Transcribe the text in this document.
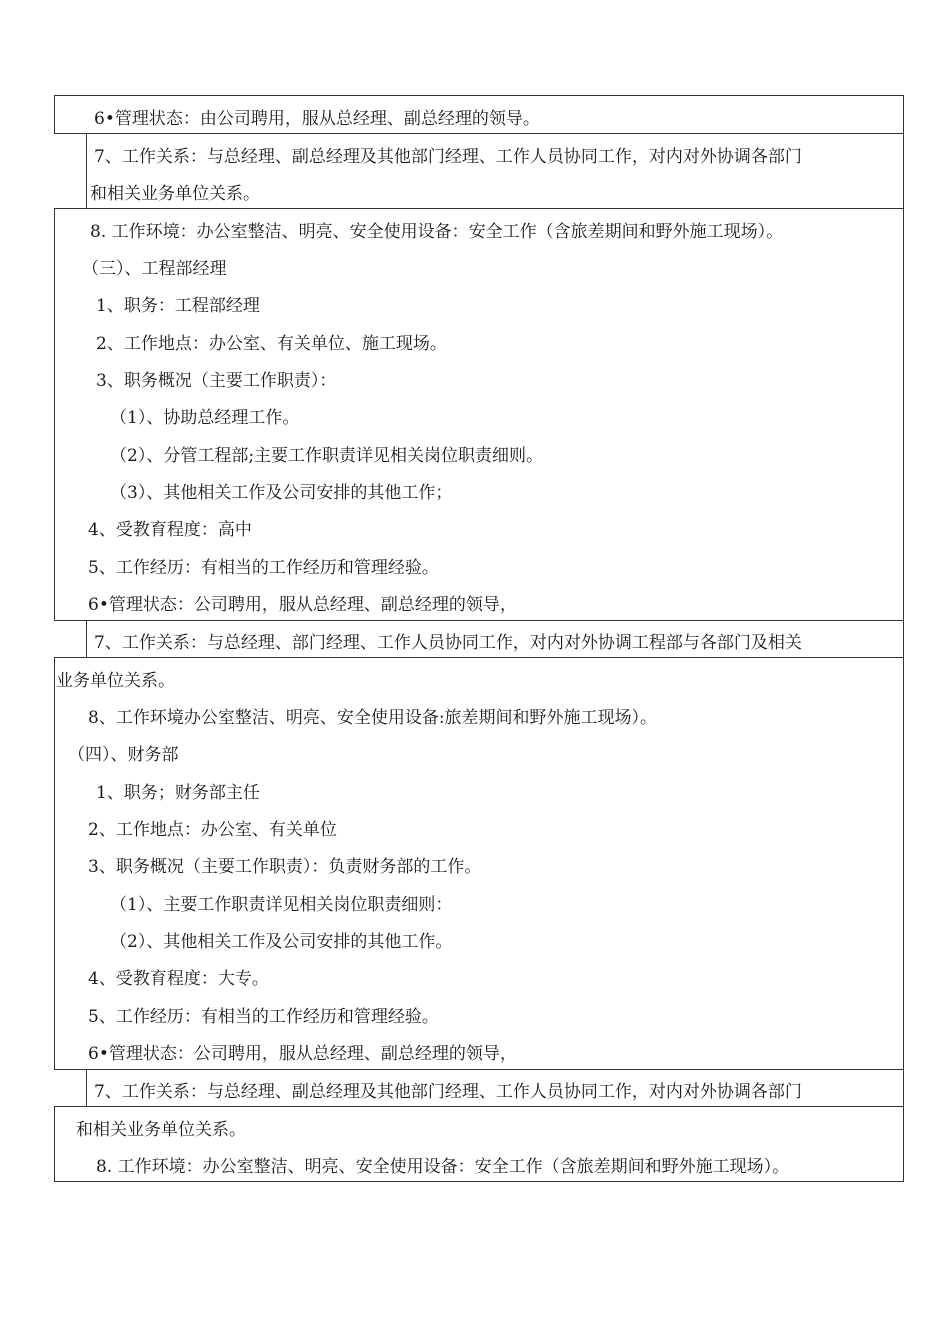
6•管理状态：由公司聘用，服从总经理、副总经理的领导。
7、工作关系：与总经理、副总经理及其他部门经理、工作人员协同工作，对内对外协调各部门
和相关业务单位关系。
8. 工作环境：办公室整洁、明亮、安全使用设备：安全工作（含旅差期间和野外施工现场）。
（三）、工程部经理
1、职务：工程部经理
2、工作地点：办公室、有关单位、施工现场。
3、职务概况（主要工作职责）：
（1）、协助总经理工作。
（2）、分管工程部;主要工作职责详见相关岗位职责细则。
（3）、其他相关工作及公司安排的其他工作；
4、受教育程度：高中
5、工作经历：有相当的工作经历和管理经验。
6•管理状态：公司聘用，服从总经理、副总经理的领导，
7、工作关系：与总经理、部门经理、工作人员协同工作，对内对外协调工程部与各部门及相关
业务单位关系。
8、工作环境办公室整洁、明亮、安全使用设备:旅差期间和野外施工现场）。
（四）、财务部
1、职务；财务部主任
2、工作地点：办公室、有关单位
3、职务概况（主要工作职责）：负责财务部的工作。
（1）、主要工作职责详见相关岗位职责细则：
（2）、其他相关工作及公司安排的其他工作。
4、受教育程度：大专。
5、工作经历：有相当的工作经历和管理经验。
6•管理状态：公司聘用，服从总经理、副总经理的领导，
7、工作关系：与总经理、副总经理及其他部门经理、工作人员协同工作，对内对外协调各部门
和相关业务单位关系。
8. 工作环境：办公室整洁、明亮、安全使用设备：安全工作（含旅差期间和野外施工现场）。
